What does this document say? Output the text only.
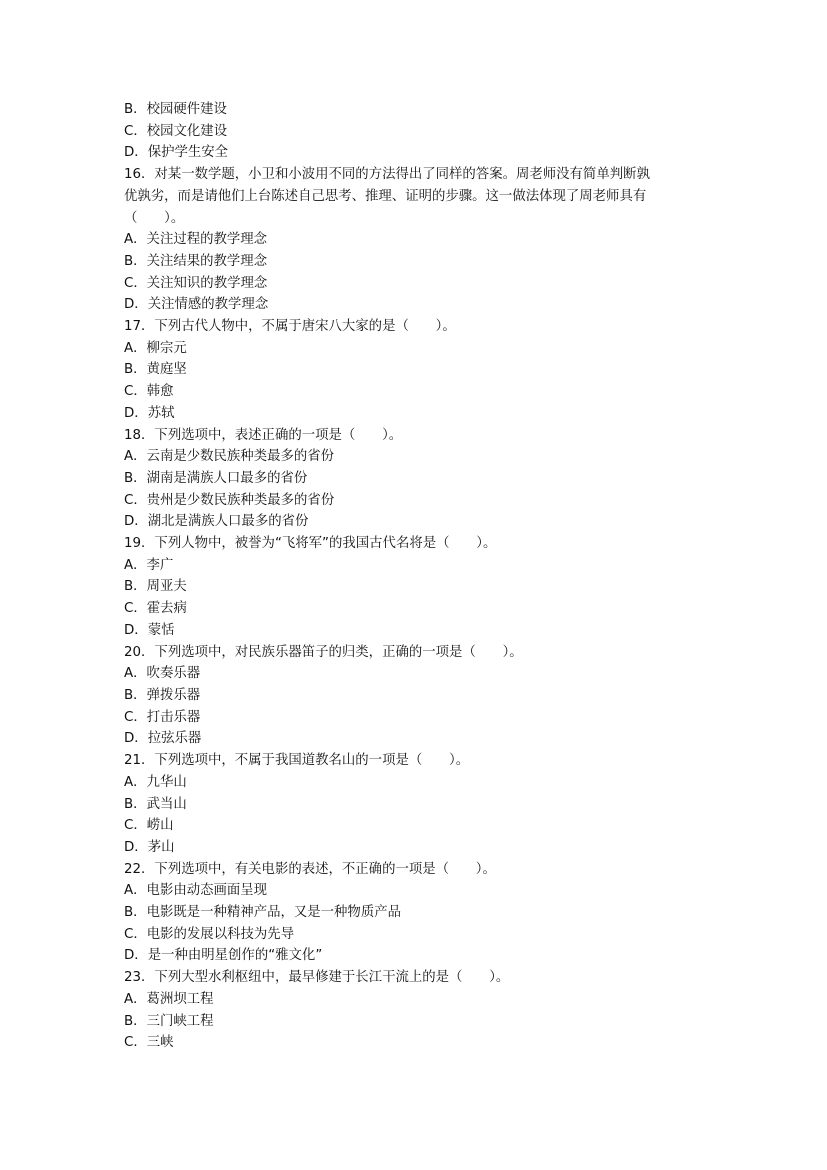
B．校园硬件建设
C．校园文化建设
D．保护学生安全
16．对某一数学题，小卫和小波用不同的方法得出了同样的答案。周老师没有简单判断孰
优孰劣，而是请他们上台陈述自己思考、推理、证明的步骤。这一做法体现了周老师具有
（　　）。
A．关注过程的教学理念
B．关注结果的教学理念
C．关注知识的教学理念
D．关注情感的教学理念
17．下列古代人物中，不属于唐宋八大家的是（　　）。
A．柳宗元
B．黄庭坚
C．韩愈
D．苏轼
18．下列选项中，表述正确的一项是（　　）。
A．云南是少数民族种类最多的省份
B．湖南是满族人口最多的省份
C．贵州是少数民族种类最多的省份
D．湖北是满族人口最多的省份
19．下列人物中，被誉为“飞将军”的我国古代名将是（　　）。
A．李广
B．周亚夫
C．霍去病
D．蒙恬
20．下列选项中，对民族乐器笛子的归类，正确的一项是（　　）。
A．吹奏乐器
B．弹拨乐器
C．打击乐器
D．拉弦乐器
21．下列选项中，不属于我国道教名山的一项是（　　）。
A．九华山
B．武当山
C．崂山
D．茅山
22．下列选项中，有关电影的表述，不正确的一项是（　　）。
A．电影由动态画面呈现
B．电影既是一种精神产品，又是一种物质产品
C．电影的发展以科技为先导
D．是一种由明星创作的“雅文化”
23．下列大型水利枢纽中，最早修建于长江干流上的是（　　）。
A．葛洲坝工程
B．三门峡工程
C．三峡
